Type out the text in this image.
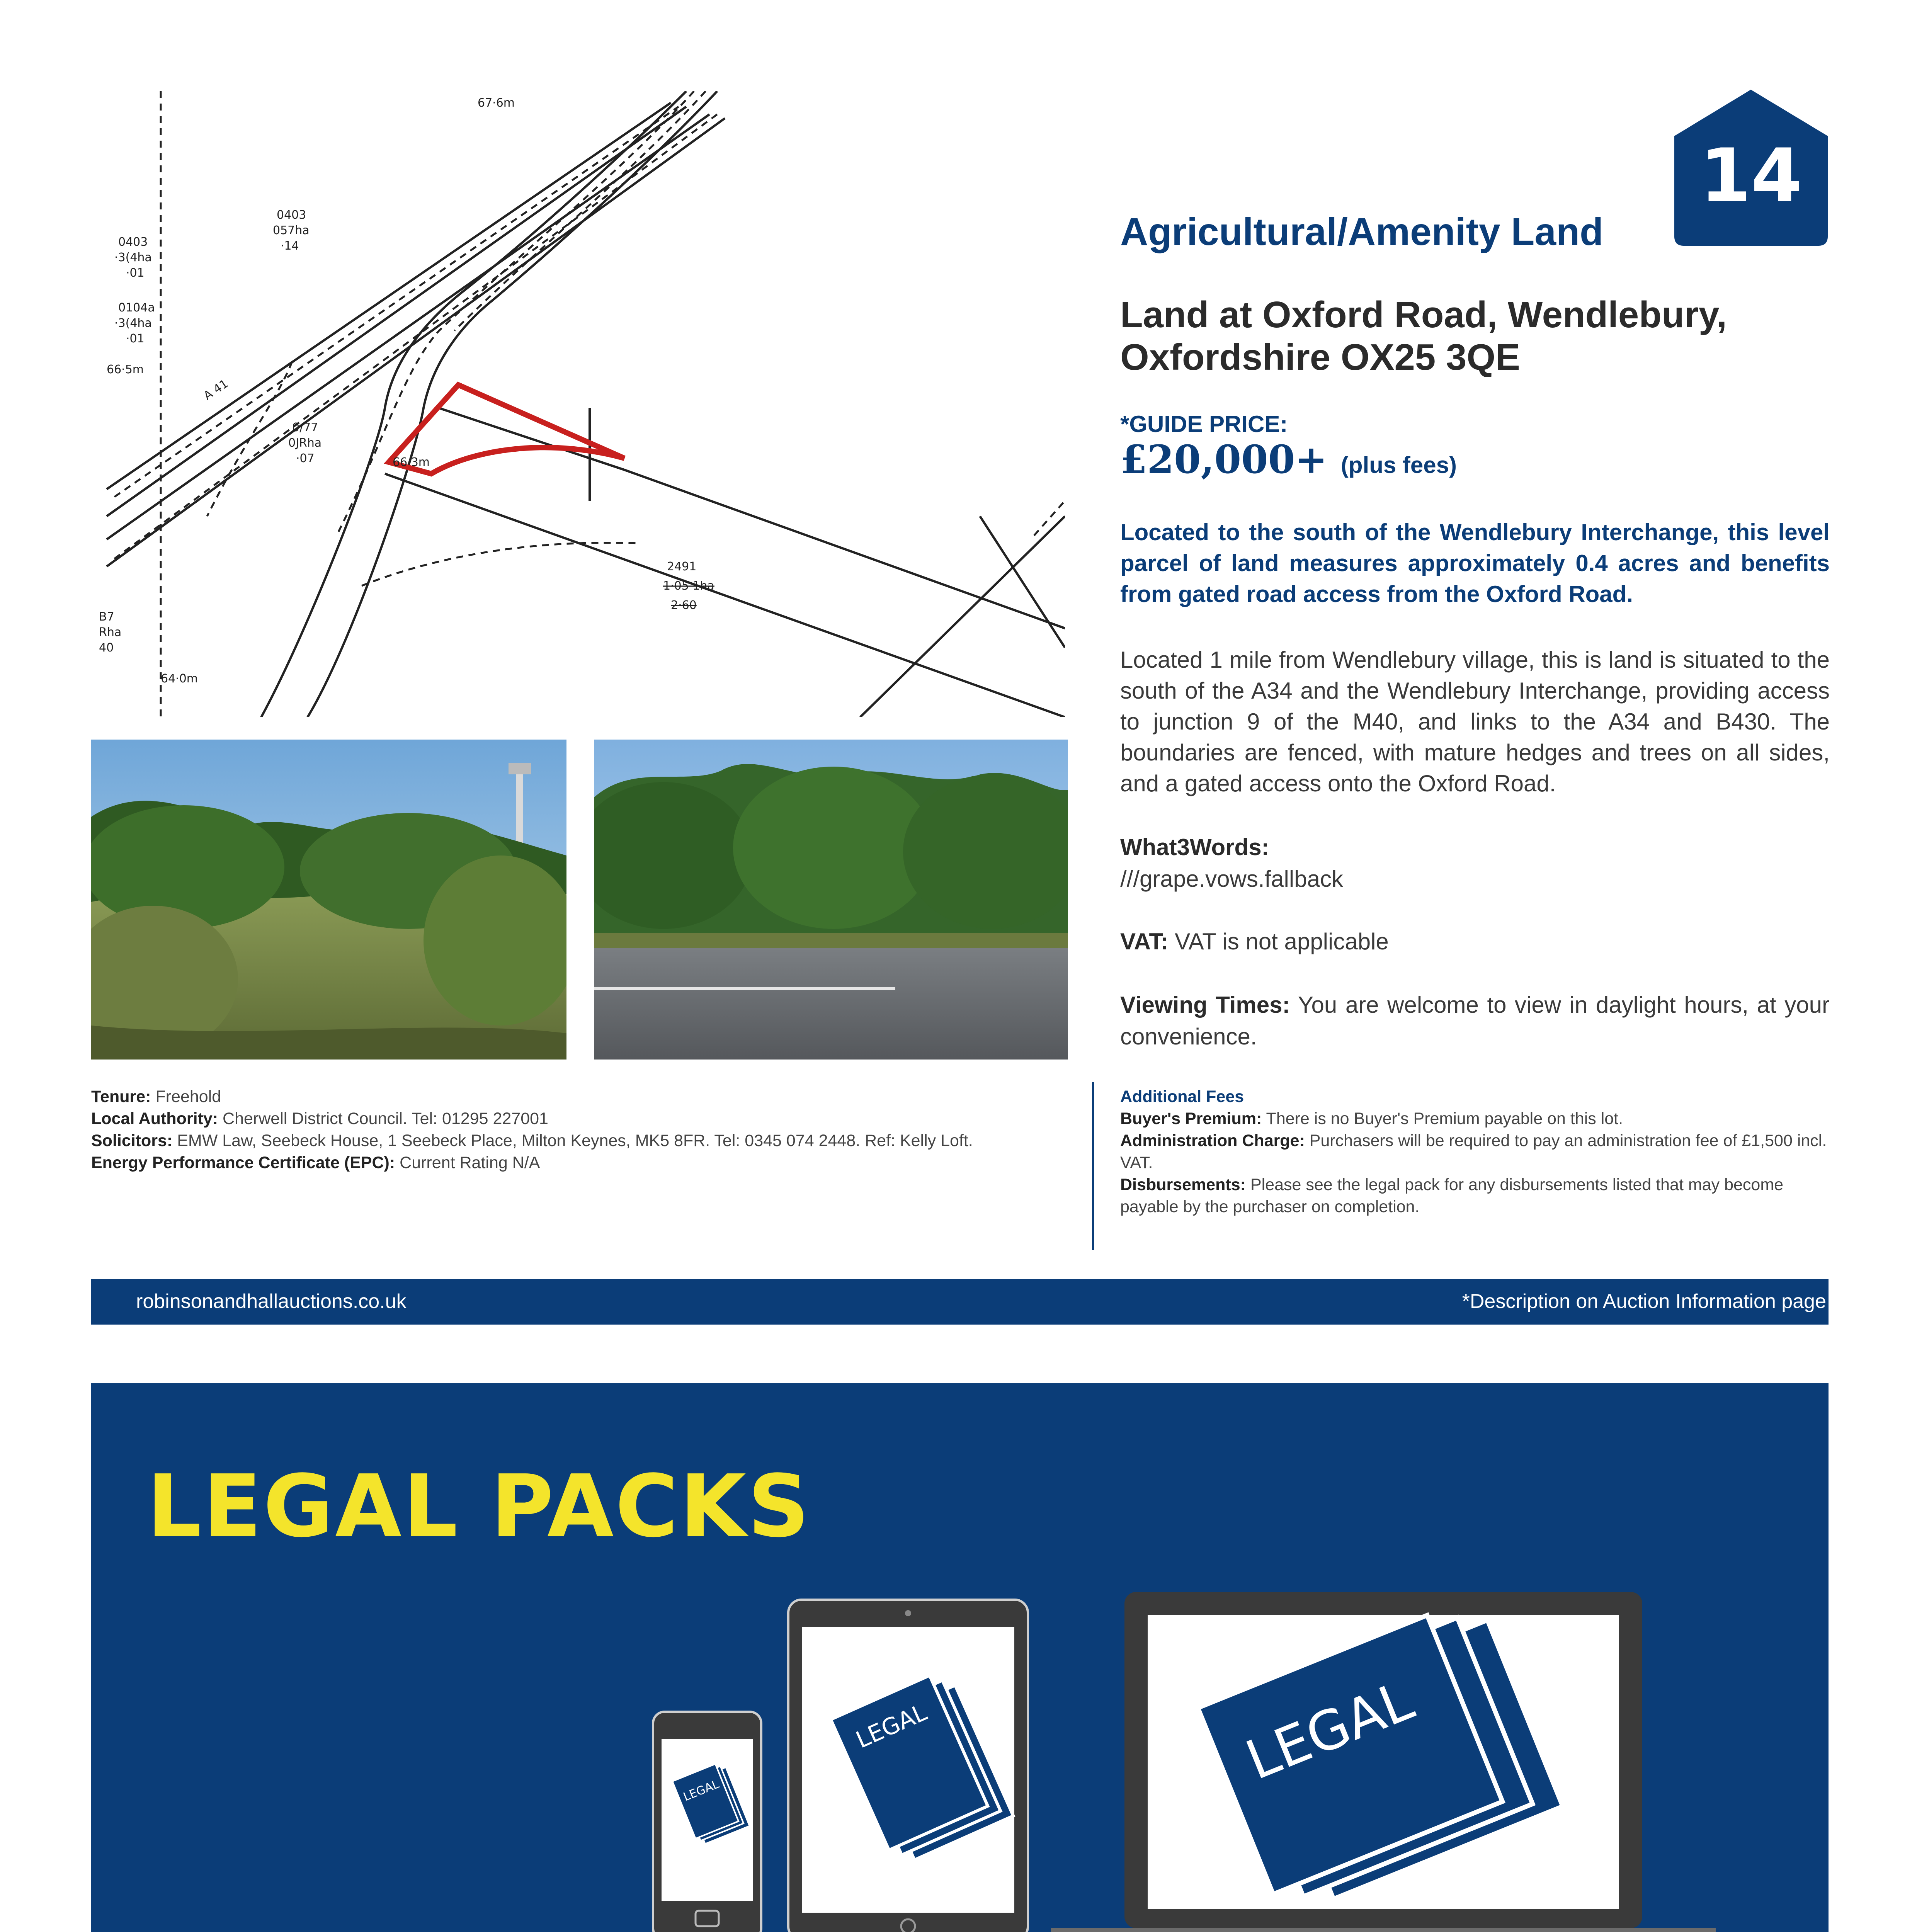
67·6m
0403
057ha
·14
0403
·3(4ha
·01
0104a
·3(4ha
·01
66·5m
A 41
0/77
0JRha
·07	66·3m
2491
1·05 1ha
2·60
B7
Rha
40
64·0m
14
Agricultural/Amenity Land
Land at Oxford Road, Wendlebury, Oxfordshire OX25 3QE
*GUIDE PRICE:
£20,000+ (plus fees)
Located to the south of the Wendlebury Interchange, this level parcel of land measures approximately 0.4 acres and benefits from gated road access from the Oxford Road.
Located 1 mile from Wendlebury village, this is land is situated to the south of the A34 and the Wendlebury Interchange, providing access to junction 9 of the M40, and links to the A34 and B430. The boundaries are fenced, with mature hedges and trees on all sides, and a gated access onto the Oxford Road.
What3Words:
///grape.vows.fallback
VAT: VAT is not applicable
Viewing Times: You are welcome to view in daylight hours, at your convenience.
Tenure: Freehold
Local Authority: Cherwell District Council. Tel: 01295 227001
Solicitors: EMW Law, Seebeck House, 1 Seebeck Place, Milton Keynes, MK5 8FR. Tel: 0345 074 2448. Ref: Kelly Loft.
Energy Performance Certificate (EPC): Current Rating N/A
Additional Fees
Buyer's Premium: There is no Buyer's Premium payable on this lot.
Administration Charge: Purchasers will be required to pay an administration fee of £1,500 incl. VAT.
Disbursements: Please see the legal pack for any disbursements listed that may become payable by the purchaser on completion.
robinsonandhallauctions.co.uk	*Description on Auction Information page
LEGAL PACKS
LEGAL
LEGAL	LEGAL
